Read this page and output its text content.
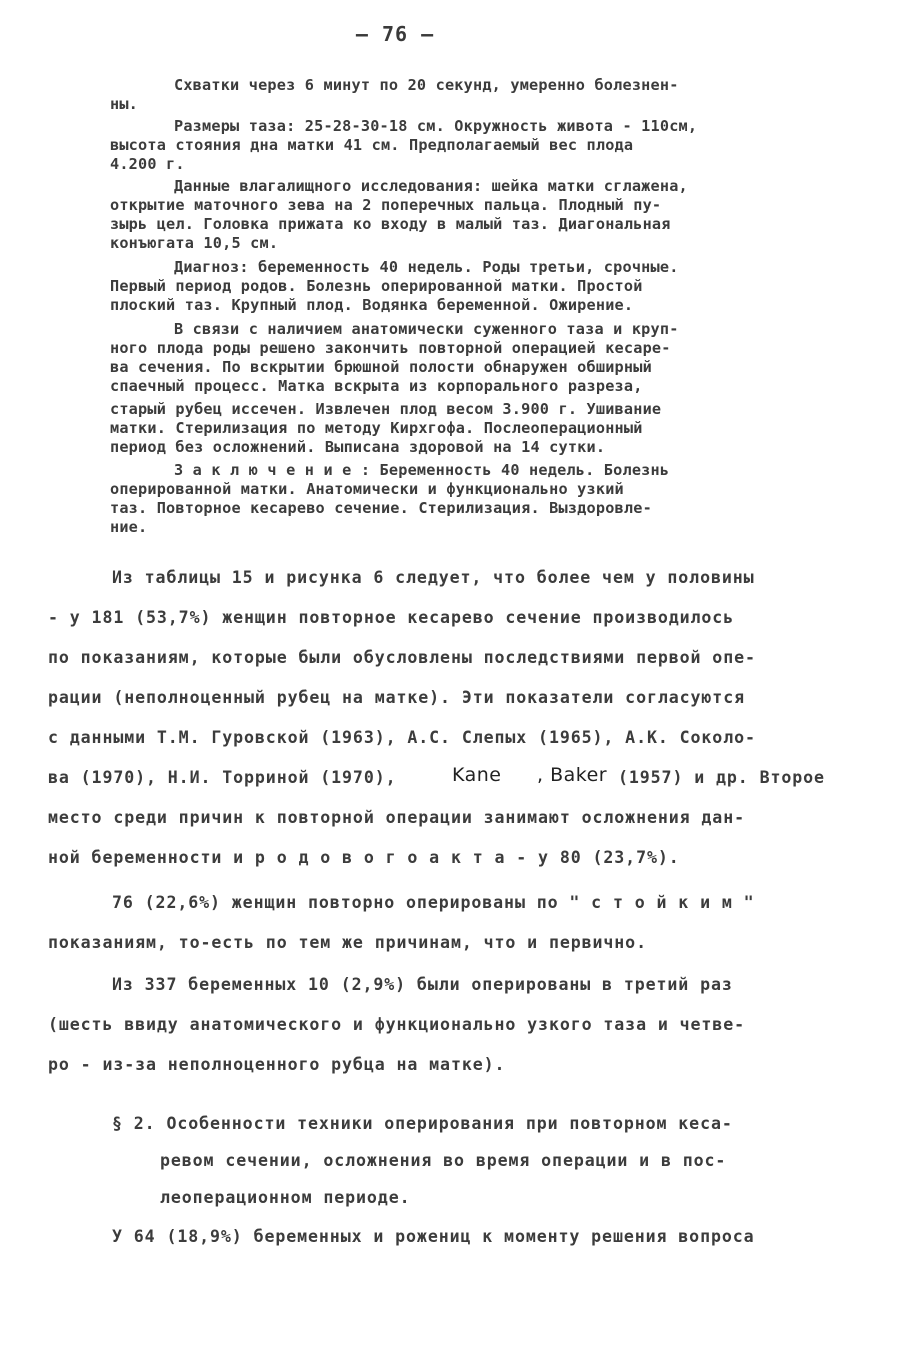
– 76 –
Схватки через 6 минут по 20 секунд, умеренно болезнен-
ны.
Размеры таза: 25-28-30-18 см. Окружность живота - 110см,
высота стояния дна матки 41 см. Предполагаемый вес плода
4.200 г.
Данные влагалищного исследования: шейка матки сглажена,
открытие маточного зева на 2 поперечных пальца. Плодный пу-
зырь цел. Головка прижата ко входу в малый таз. Диагональная
конъюгата 10,5 см.
Диагноз: беременность 40 недель. Роды третьи, срочные.
Первый период родов. Болезнь оперированной матки. Простой
плоский таз. Крупный плод. Водянка беременной. Ожирение.
В связи с наличием анатомически суженного таза и круп-
ного плода роды решено закончить повторной операцией кесаре-
ва сечения. По вскрытии брюшной полости обнаружен обширный
спаечный процесс. Матка вскрыта из корпорального разреза,
старый рубец иссечен. Извлечен плод весом 3.900 г. Ушивание
матки. Стерилизация по методу Кирхгофа. Послеоперационный
период без осложнений. Выписана здоровой на 14 сутки.
З а к л ю ч е н и е : Беременность 40 недель. Болезнь
оперированной матки. Анатомически и функционально узкий
таз. Повторное кесарево сечение. Стерилизация. Выздоровле-
ние.
Из таблицы 15 и рисунка 6 следует, что более чем у половины
- у 181 (53,7%) женщин повторное кесарево сечение производилось
по показаниям, которые были обусловлены последствиями первой опе-
рации (неполноценный рубец на матке). Эти показатели согласуются
с данными Т.М. Гуровской (1963), А.С. Слепых (1965), А.К. Соколо-
ва (1970), Н.И. Торриной (1970),	Kane , Baker (1957) и др. Второе
место среди причин к повторной операции занимают осложнения дан-
ной беременности и р о д о в о г о а к т а - у 80 (23,7%).
76 (22,6%) женщин повторно оперированы по " с т о й к и м "
показаниям, то-есть по тем же причинам, что и первично.
Из 337 беременных 10 (2,9%) были оперированы в третий раз
(шесть ввиду анатомического и функционально узкого таза и четве-
ро - из-за неполноценного рубца на матке).
§ 2. Особенности техники оперирования при повторном кеса-
ревом сечении, осложнения во время операции и в пос-
леоперационном периоде.
У 64 (18,9%) беременных и рожениц к моменту решения вопроса
